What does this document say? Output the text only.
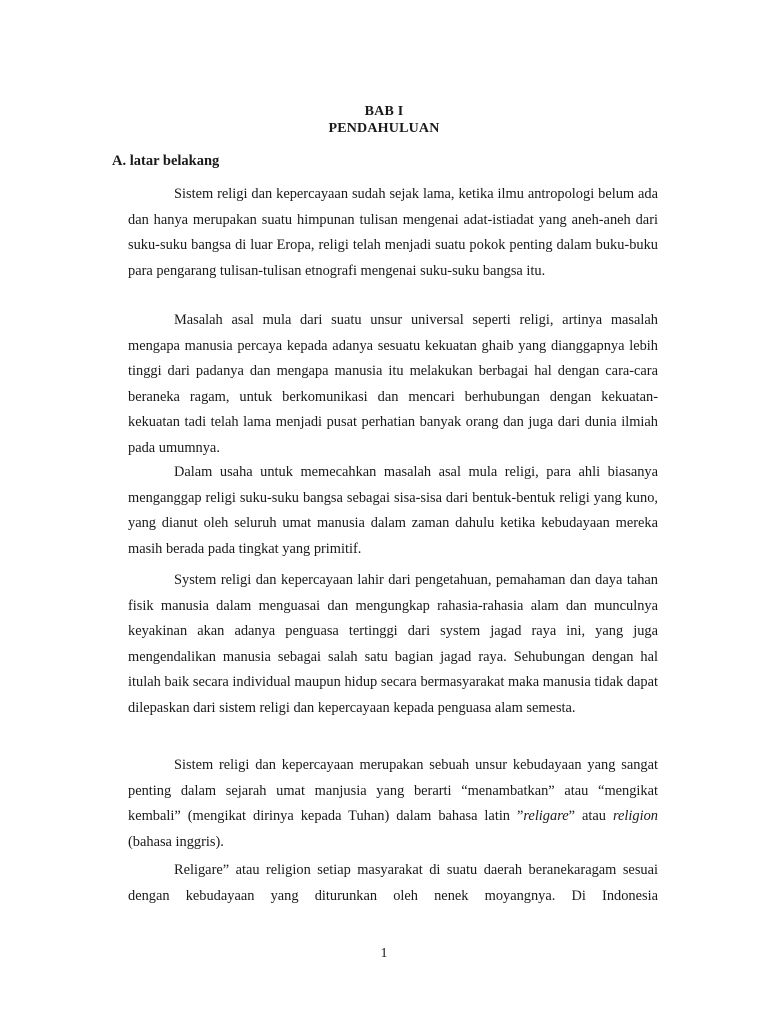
BAB I
PENDAHULUAN
A. latar belakang

Sistem religi dan kepercayaan sudah sejak lama, ketika ilmu antropologi belum ada dan hanya merupakan suatu himpunan tulisan mengenai adat-istiadat yang aneh-aneh dari suku-suku bangsa di luar Eropa, religi telah menjadi suatu pokok penting dalam buku-buku para pengarang tulisan-tulisan etnografi mengenai suku-suku bangsa itu.

Masalah asal mula dari suatu unsur universal seperti religi, artinya masalah mengapa manusia percaya kepada adanya sesuatu kekuatan ghaib yang dianggapnya lebih tinggi dari padanya dan mengapa manusia itu melakukan berbagai hal dengan cara-cara beraneka ragam, untuk berkomunikasi dan mencari berhubungan dengan kekuatan-kekuatan tadi telah lama menjadi pusat perhatian banyak orang dan juga dari dunia ilmiah pada umumnya.

Dalam usaha untuk memecahkan masalah asal mula religi, para ahli biasanya menganggap religi suku-suku bangsa sebagai sisa-sisa dari bentuk-bentuk religi yang kuno, yang dianut oleh seluruh umat manusia dalam zaman dahulu ketika kebudayaan mereka masih berada pada tingkat yang primitif.

System religi dan kepercayaan lahir dari pengetahuan, pemahaman dan daya tahan fisik manusia dalam menguasai dan mengungkap rahasia-rahasia alam dan munculnya keyakinan akan adanya penguasa tertinggi dari system jagad raya ini, yang juga mengendalikan manusia sebagai salah satu bagian jagad raya. Sehubungan dengan hal itulah baik secara individual maupun hidup secara bermasyarakat maka manusia tidak dapat dilepaskan dari sistem religi dan kepercayaan kepada penguasa alam semesta.

Sistem religi dan kepercayaan merupakan sebuah unsur kebudayaan yang sangat penting dalam sejarah umat manjusia yang berarti “menambatkan” atau “mengikat kembali” (mengikat dirinya kepada Tuhan) dalam bahasa latin ”religare” atau religion (bahasa inggris).

Religare” atau religion setiap masyarakat di suatu daerah beranekaragam sesuai dengan kebudayaan yang diturunkan oleh nenek moyangnya. Di Indonesia

1
